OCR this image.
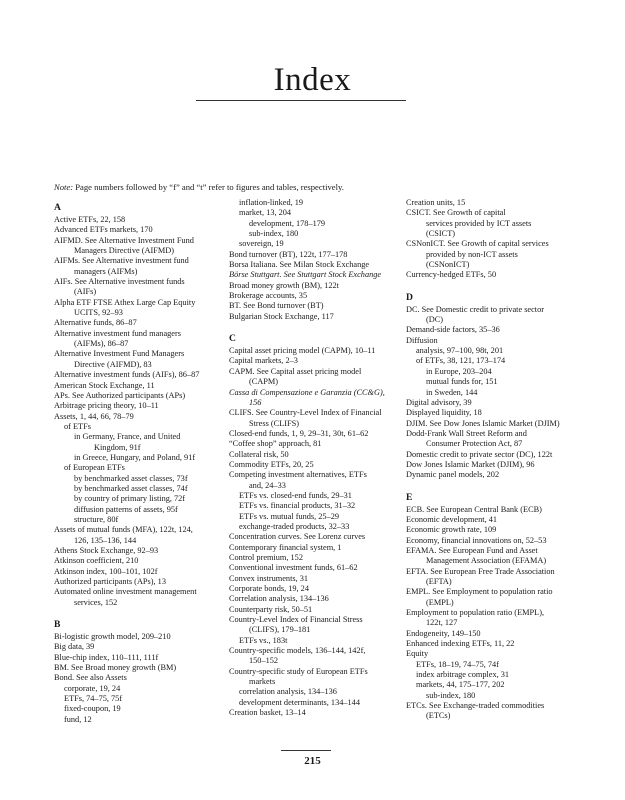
Index
Note: Page numbers followed by “f” and “t” refer to figures and tables, respectively.
A
Active ETFs, 22, 158
Advanced ETFs markets, 170
AIFMD. See Alternative Investment Fund
Managers Directive (AIFMD)
AIFMs. See Alternative investment fund
managers (AIFMs)
AIFs. See Alternative investment funds
(AIFs)
Alpha ETF FTSE Athex Large Cap Equity
UCITS, 92–93
Alternative funds, 86–87
Alternative investment fund managers
(AIFMs), 86–87
Alternative Investment Fund Managers
Directive (AIFMD), 83
Alternative investment funds (AIFs), 86–87
American Stock Exchange, 11
APs. See Authorized participants (APs)
Arbitrage pricing theory, 10–11
Assets, 1, 44, 66, 78–79
of ETFs
in Germany, France, and United
Kingdom, 91f
in Greece, Hungary, and Poland, 91f
of European ETFs
by benchmarked asset classes, 73f
by benchmarked asset classes, 74f
by country of primary listing, 72f
diffusion patterns of assets, 95f
structure, 80f
Assets of mutual funds (MFA), 122t, 124,
126, 135–136, 144
Athens Stock Exchange, 92–93
Atkinson coefficient, 210
Atkinson index, 100–101, 102f
Authorized participants (APs), 13
Automated online investment management
services, 152
B
Bi-logistic growth model, 209–210
Big data, 39
Blue-chip index, 110–111, 111f
BM. See Broad money growth (BM)
Bond. See also Assets
corporate, 19, 24
ETFs, 74–75, 75f
fixed-coupon, 19
fund, 12
inflation-linked, 19
market, 13, 204
development, 178–179
sub-index, 180
sovereign, 19
Bond turnover (BT), 122t, 177–178
Borsa Italiana. See Milan Stock Exchange
Börse Stuttgart. See Stuttgart Stock Exchange
Broad money growth (BM), 122t
Brokerage accounts, 35
BT. See Bond turnover (BT)
Bulgarian Stock Exchange, 117
C
Capital asset pricing model (CAPM), 10–11
Capital markets, 2–3
CAPM. See Capital asset pricing model
(CAPM)
Cassa di Compensazione e Garanzia (CC&G),
156
CLIFS. See Country-Level Index of Financial
Stress (CLIFS)
Closed-end funds, 1, 9, 29–31, 30t, 61–62
“Coffee shop” approach, 81
Collateral risk, 50
Commodity ETFs, 20, 25
Competing investment alternatives, ETFs
and, 24–33
ETFs vs. closed-end funds, 29–31
ETFs vs. financial products, 31–32
ETFs vs. mutual funds, 25–29
exchange-traded products, 32–33
Concentration curves. See Lorenz curves
Contemporary financial system, 1
Control premium, 152
Conventional investment funds, 61–62
Convex instruments, 31
Corporate bonds, 19, 24
Correlation analysis, 134–136
Counterparty risk, 50–51
Country-Level Index of Financial Stress
(CLIFS), 179–181
ETFs vs., 183t
Country-specific models, 136–144, 142f,
150–152
Country-specific study of European ETFs
markets
correlation analysis, 134–136
development determinants, 134–144
Creation basket, 13–14
Creation units, 15
CSICT. See Growth of capital
services provided by ICT assets
(CSICT)
CSNonICT. See Growth of capital services
provided by non-ICT assets
(CSNonICT)
Currency-hedged ETFs, 50
D
DC. See Domestic credit to private sector
(DC)
Demand-side factors, 35–36
Diffusion
analysis, 97–100, 98t, 201
of ETFs, 38, 121, 173–174
in Europe, 203–204
mutual funds for, 151
in Sweden, 144
Digital advisory, 39
Displayed liquidity, 18
DJIM. See Dow Jones Islamic Market (DJIM)
Dodd-Frank Wall Street Reform and
Consumer Protection Act, 87
Domestic credit to private sector (DC), 122t
Dow Jones Islamic Market (DJIM), 96
Dynamic panel models, 202
E
ECB. See European Central Bank (ECB)
Economic development, 41
Economic growth rate, 109
Economy, financial innovations on, 52–53
EFAMA. See European Fund and Asset
Management Association (EFAMA)
EFTA. See European Free Trade Association
(EFTA)
EMPL. See Employment to population ratio
(EMPL)
Employment to population ratio (EMPL),
122t, 127
Endogeneity, 149–150
Enhanced indexing ETFs, 11, 22
Equity
ETFs, 18–19, 74–75, 74f
index arbitrage complex, 31
markets, 44, 175–177, 202
sub-index, 180
ETCs. See Exchange-traded commodities
(ETCs)
215
